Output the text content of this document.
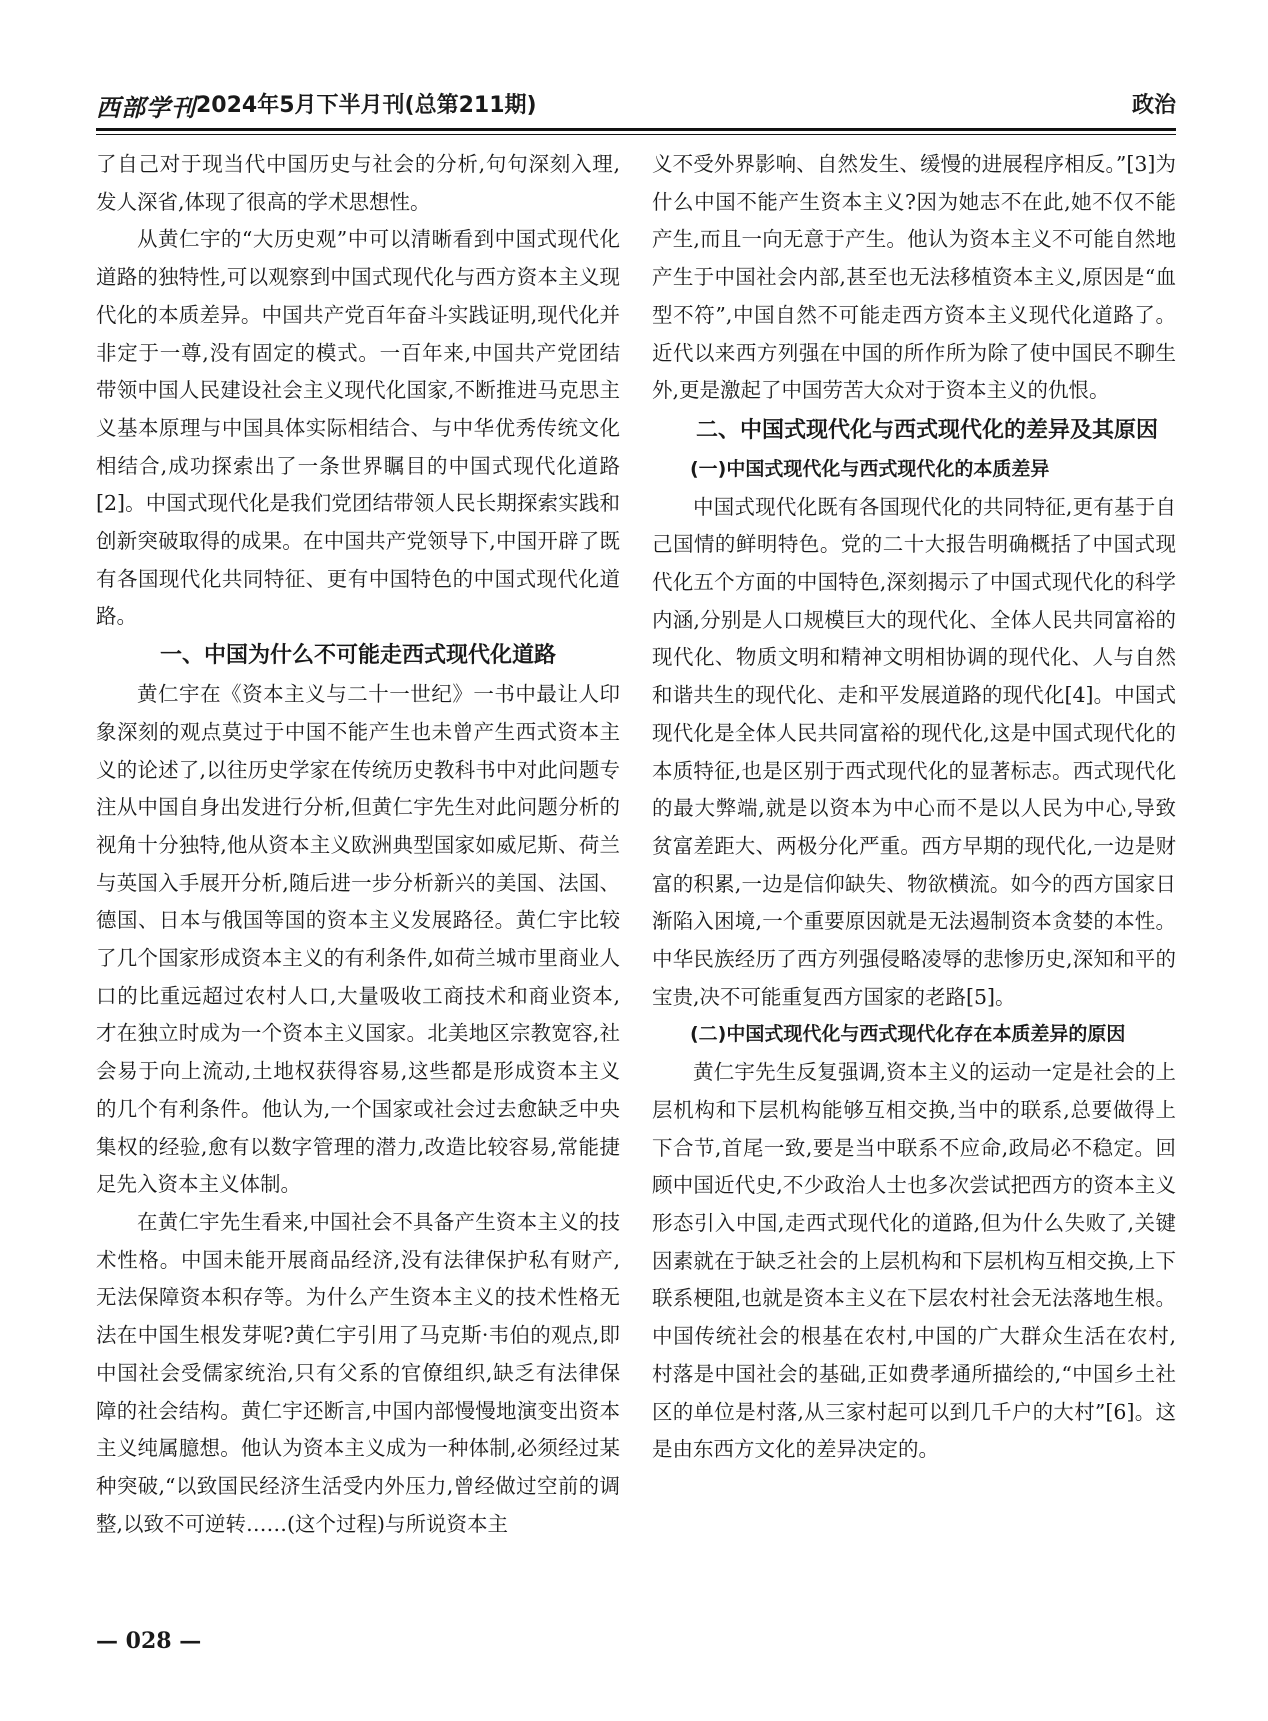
西部学刊 2024年5月下半月刊(总第211期)	政治

了自己对于现当代中国历史与社会的分析,句句深刻入理,发人深省,体现了很高的学术思想性。

从黄仁宇的“大历史观”中可以清晰看到中国式现代化道路的独特性,可以观察到中国式现代化与西方资本主义现代化的本质差异。中国共产党百年奋斗实践证明,现代化并非定于一尊,没有固定的模式。一百年来,中国共产党团结带领中国人民建设社会主义现代化国家,不断推进马克思主义基本原理与中国具体实际相结合、与中华优秀传统文化相结合,成功探索出了一条世界瞩目的中国式现代化道路[2]。中国式现代化是我们党团结带领人民长期探索实践和创新突破取得的成果。在中国共产党领导下,中国开辟了既有各国现代化共同特征、更有中国特色的中国式现代化道路。

一、中国为什么不可能走西式现代化道路

黄仁宇在《资本主义与二十一世纪》一书中最让人印象深刻的观点莫过于中国不能产生也未曾产生西式资本主义的论述了,以往历史学家在传统历史教科书中对此问题专注从中国自身出发进行分析,但黄仁宇先生对此问题分析的视角十分独特,他从资本主义欧洲典型国家如威尼斯、荷兰与英国入手展开分析,随后进一步分析新兴的美国、法国、德国、日本与俄国等国的资本主义发展路径。黄仁宇比较了几个国家形成资本主义的有利条件,如荷兰城市里商业人口的比重远超过农村人口,大量吸收工商技术和商业资本,才在独立时成为一个资本主义国家。北美地区宗教宽容,社会易于向上流动,土地权获得容易,这些都是形成资本主义的几个有利条件。他认为,一个国家或社会过去愈缺乏中央集权的经验,愈有以数字管理的潜力,改造比较容易,常能捷足先入资本主义体制。

在黄仁宇先生看来,中国社会不具备产生资本主义的技术性格。中国未能开展商品经济,没有法律保护私有财产,无法保障资本积存等。为什么产生资本主义的技术性格无法在中国生根发芽呢?黄仁宇引用了马克斯·韦伯的观点,即中国社会受儒家统治,只有父系的官僚组织,缺乏有法律保障的社会结构。黄仁宇还断言,中国内部慢慢地演变出资本主义纯属臆想。他认为资本主义成为一种体制,必须经过某种突破,“以致国民经济生活受内外压力,曾经做过空前的调整,以致不可逆转……(这个过程)与所说资本主

义不受外界影响、自然发生、缓慢的进展程序相反。”[3]为什么中国不能产生资本主义?因为她志不在此,她不仅不能产生,而且一向无意于产生。他认为资本主义不可能自然地产生于中国社会内部,甚至也无法移植资本主义,原因是“血型不符”,中国自然不可能走西方资本主义现代化道路了。近代以来西方列强在中国的所作所为除了使中国民不聊生外,更是激起了中国劳苦大众对于资本主义的仇恨。

二、中国式现代化与西式现代化的差异及其原因
(一)中国式现代化与西式现代化的本质差异

中国式现代化既有各国现代化的共同特征,更有基于自己国情的鲜明特色。党的二十大报告明确概括了中国式现代化五个方面的中国特色,深刻揭示了中国式现代化的科学内涵,分别是人口规模巨大的现代化、全体人民共同富裕的现代化、物质文明和精神文明相协调的现代化、人与自然和谐共生的现代化、走和平发展道路的现代化[4]。中国式现代化是全体人民共同富裕的现代化,这是中国式现代化的本质特征,也是区别于西式现代化的显著标志。西式现代化的最大弊端,就是以资本为中心而不是以人民为中心,导致贫富差距大、两极分化严重。西方早期的现代化,一边是财富的积累,一边是信仰缺失、物欲横流。如今的西方国家日渐陷入困境,一个重要原因就是无法遏制资本贪婪的本性。中华民族经历了西方列强侵略凌辱的悲惨历史,深知和平的宝贵,决不可能重复西方国家的老路[5]。

(二)中国式现代化与西式现代化存在本质差异的原因

黄仁宇先生反复强调,资本主义的运动一定是社会的上层机构和下层机构能够互相交换,当中的联系,总要做得上下合节,首尾一致,要是当中联系不应命,政局必不稳定。回顾中国近代史,不少政治人士也多次尝试把西方的资本主义形态引入中国,走西式现代化的道路,但为什么失败了,关键因素就在于缺乏社会的上层机构和下层机构互相交换,上下联系梗阻,也就是资本主义在下层农村社会无法落地生根。中国传统社会的根基在农村,中国的广大群众生活在农村,村落是中国社会的基础,正如费孝通所描绘的,“中国乡土社区的单位是村落,从三家村起可以到几千户的大村”[6]。这是由东西方文化的差异决定的。

— 028 —
